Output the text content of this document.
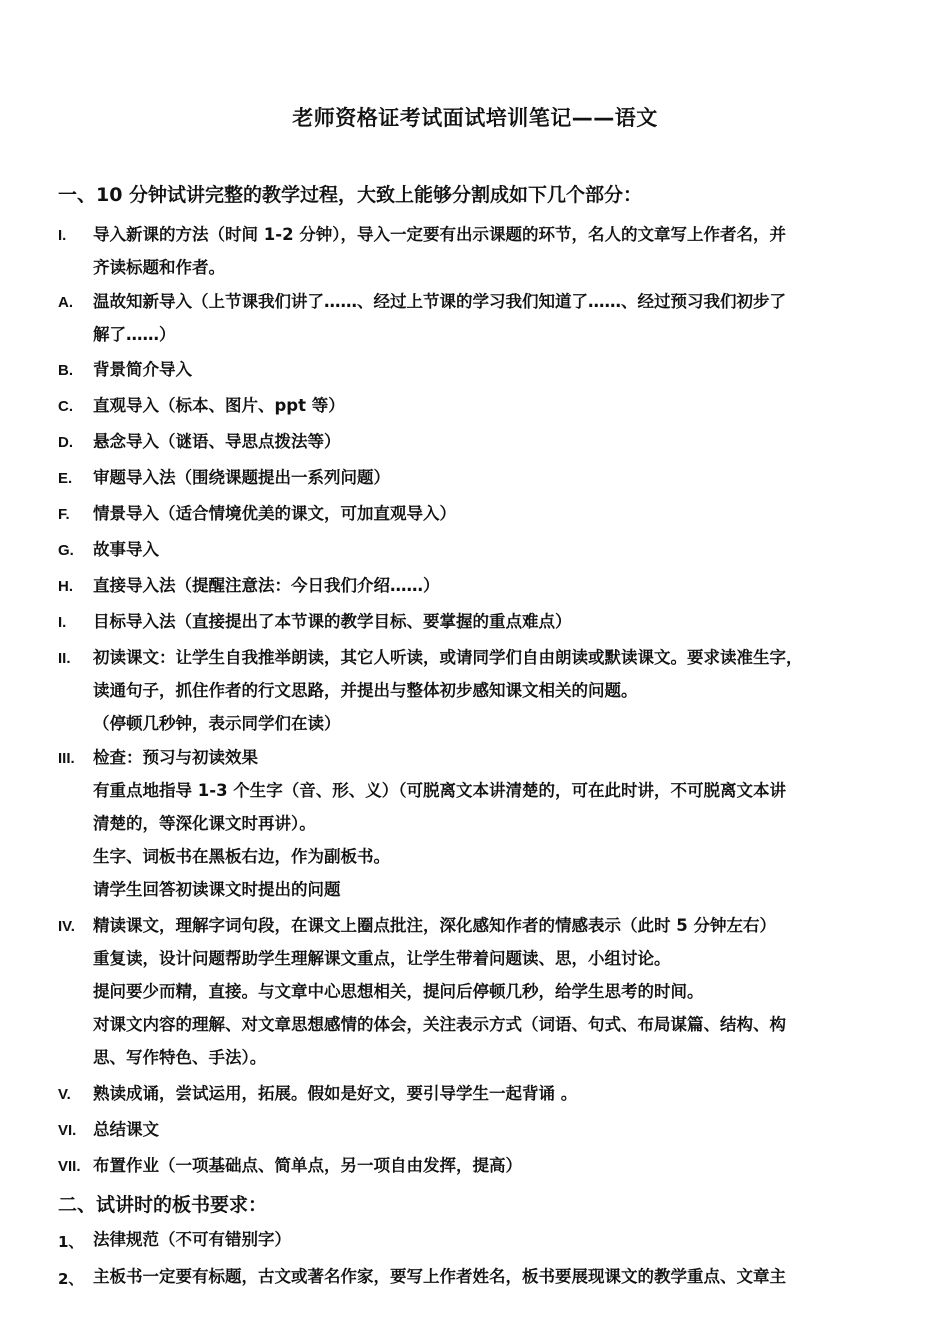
老师资格证考试面试培训笔记——语文
一、10 分钟试讲完整的教学过程，大致上能够分割成如下几个部分：
I. 导入新课的方法（时间 1-2 分钟），导入一定要有出示课题的环节，名人的文章写上作者名，并
齐读标题和作者。
A. 温故知新导入（上节课我们讲了……、经过上节课的学习我们知道了……、经过预习我们初步了
解了……）
B. 背景简介导入
C. 直观导入（标本、图片、ppt 等）
D. 悬念导入（谜语、导思点拨法等）
E. 审题导入法（围绕课题提出一系列问题）
F. 情景导入（适合情境优美的课文，可加直观导入）
G. 故事导入
H. 直接导入法（提醒注意法：今日我们介绍……）
I. 目标导入法（直接提出了本节课的教学目标、要掌握的重点难点）
II. 初读课文：让学生自我推举朗读，其它人听读，或请同学们自由朗读或默读课文。要求读准生字，
读通句子，抓住作者的行文思路，并提出与整体初步感知课文相关的问题。
（停顿几秒钟，表示同学们在读）
III. 检查：预习与初读效果
有重点地指导 1-3 个生字（音、形、义）（可脱离文本讲清楚的，可在此时讲，不可脱离文本讲
清楚的，等深化课文时再讲）。
生字、词板书在黑板右边，作为副板书。
请学生回答初读课文时提出的问题
IV. 精读课文，理解字词句段，在课文上圈点批注，深化感知作者的情感表示（此时 5 分钟左右）
重复读，设计问题帮助学生理解课文重点，让学生带着问题读、思，小组讨论。
提问要少而精，直接。与文章中心思想相关，提问后停顿几秒，给学生思考的时间。
对课文内容的理解、对文章思想感情的体会，关注表示方式（词语、句式、布局谋篇、结构、构
思、写作特色、手法）。
V. 熟读成诵，尝试运用，拓展。假如是好文，要引导学生一起背诵 。
VI. 总结课文
VII. 布置作业（一项基础点、简单点，另一项自由发挥，提高）
二、试讲时的板书要求：
1、 法律规范（不可有错别字）
2、 主板书一定要有标题，古文或著名作家，要写上作者姓名，板书要展现课文的教学重点、文章主
